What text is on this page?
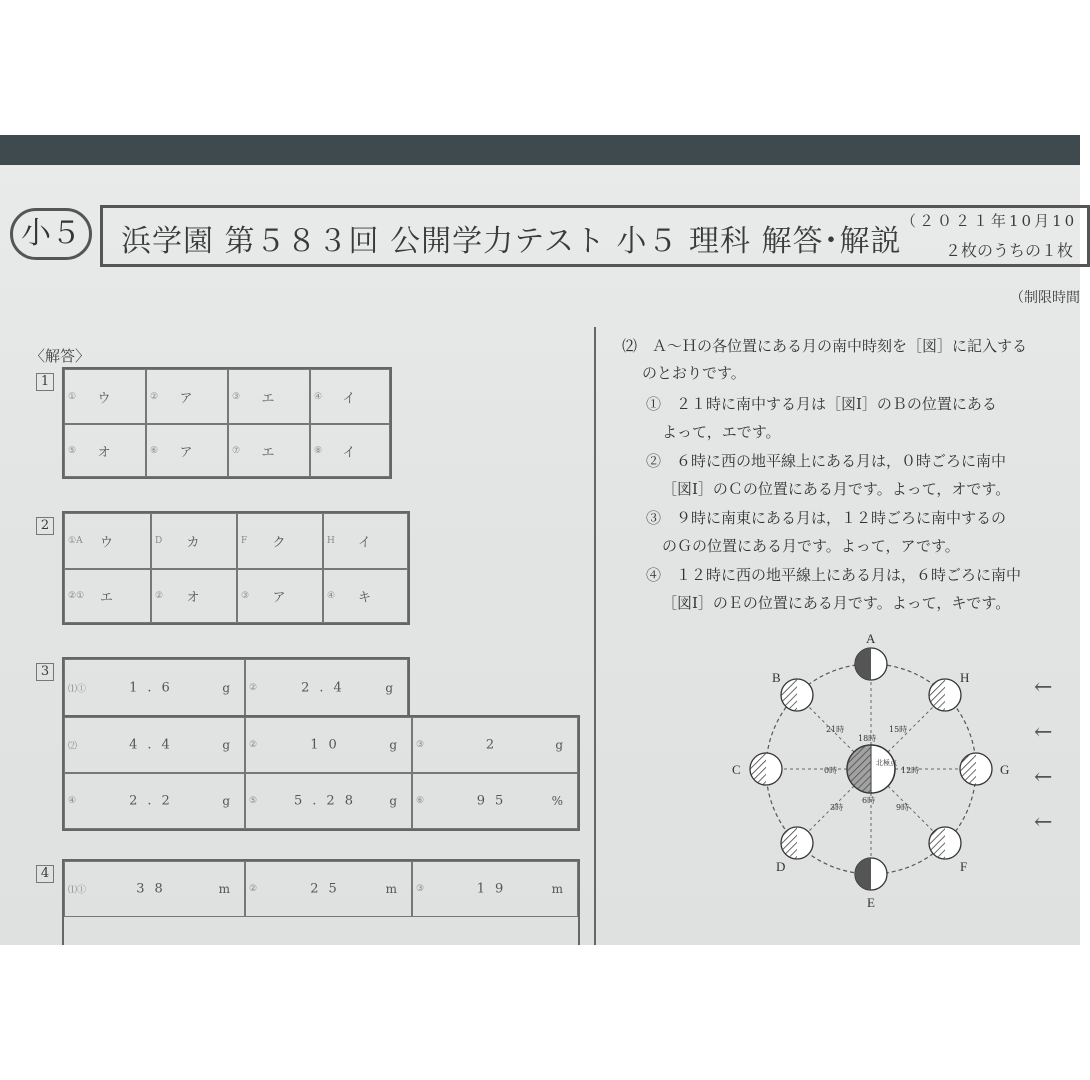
小５	浜学園 第５８３回 公開学力テスト 小５ 理科 解答･解説
（２０２１年10月10
２枚のうちの１枚
（制限時間
〈解答〉
1
①	ウ	②	ア	③	エ	④	イ
⑤	オ	⑥	ア	⑦	エ	⑧	イ
2
①A	ウ	D	カ	F	ク	H	イ
②①	エ	②	オ	③	ア	④	キ
3
⑴①	1.6	g ②	2.4	g
⑵	4.4	g ②	10	g ③	2	g
④	2.2	g ⑤	5.28	g ⑥	95	%
4
⑴①	38	m ②	25	m ③	19	m
⑵　Ａ～Ｈの各位置にある月の南中時刻を［図］に記入する
のとおりです。
①　２１時に南中する月は［図Ⅰ］のＢの位置にある
よって，エです。
②　６時に西の地平線上にある月は，０時ごろに南中
［図Ⅰ］のＣの位置にある月です。よって，オです。
③　９時に南東にある月は，１２時ごろに南中するの
のＧの位置にある月です。よって，アです。
④　１２時に西の地平線上にある月は，６時ごろに南中
［図Ⅰ］のＥの位置にある月です。よって，キです。
北極点
A
H
G
F
E
D
C
B
18時
21時	15時
0時	12時
3時	9時
6時
←
←
←
←
